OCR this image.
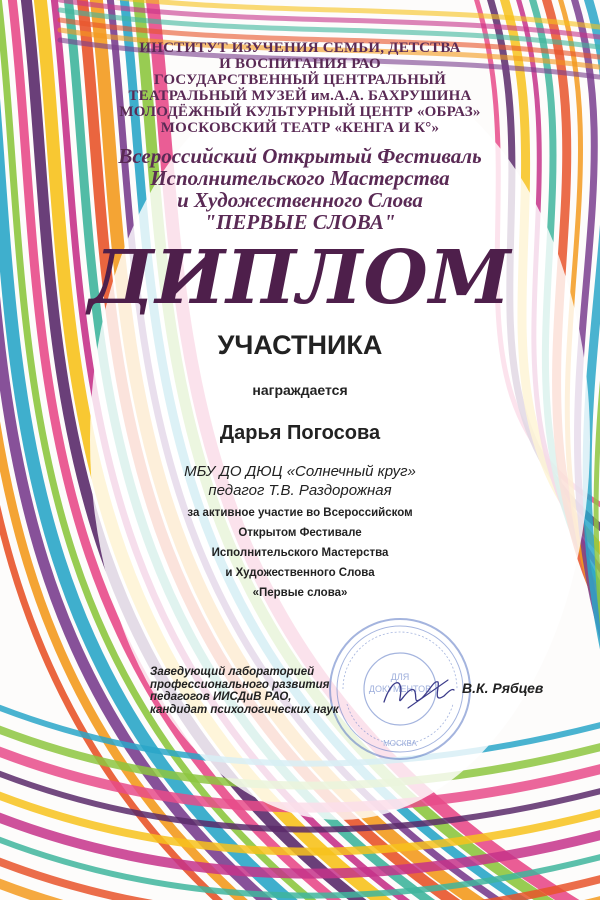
ИНСТИТУТ ИЗУЧЕНИЯ СЕМЬИ, ДЕТСТВА
И ВОСПИТАНИЯ РАО
ГОСУДАРСТВЕННЫЙ ЦЕНТРАЛЬНЫЙ
ТЕАТРАЛЬНЫЙ МУЗЕЙ им.А.А. БАХРУШИНА
МОЛОДЁЖНЫЙ КУЛЬТУРНЫЙ ЦЕНТР «ОБРАЗ»
МОСКОВСКИЙ ТЕАТР «КЕНГА И К°»
Всероссийский Открытый Фестиваль
Исполнительского Мастерства
и Художественного Слова
"ПЕРВЫЕ СЛОВА"
ДИПЛОМ
УЧАСТНИКА
награждается
Дарья Погосова
МБУ ДО ДЮЦ «Солнечный круг»
педагог Т.В. Раздорожная
за активное участие во Всероссийском
Открытом Фестивале
Исполнительского Мастерства
и Художественного Слова
«Первые слова»
ДЛЯ
ДОКУМЕНТОВ
МОСКВА
Заведующий лабораторией
профессионального развития
педагогов ИИСДиВ РАО,
кандидат психологических наук
В.К. Рябцев
